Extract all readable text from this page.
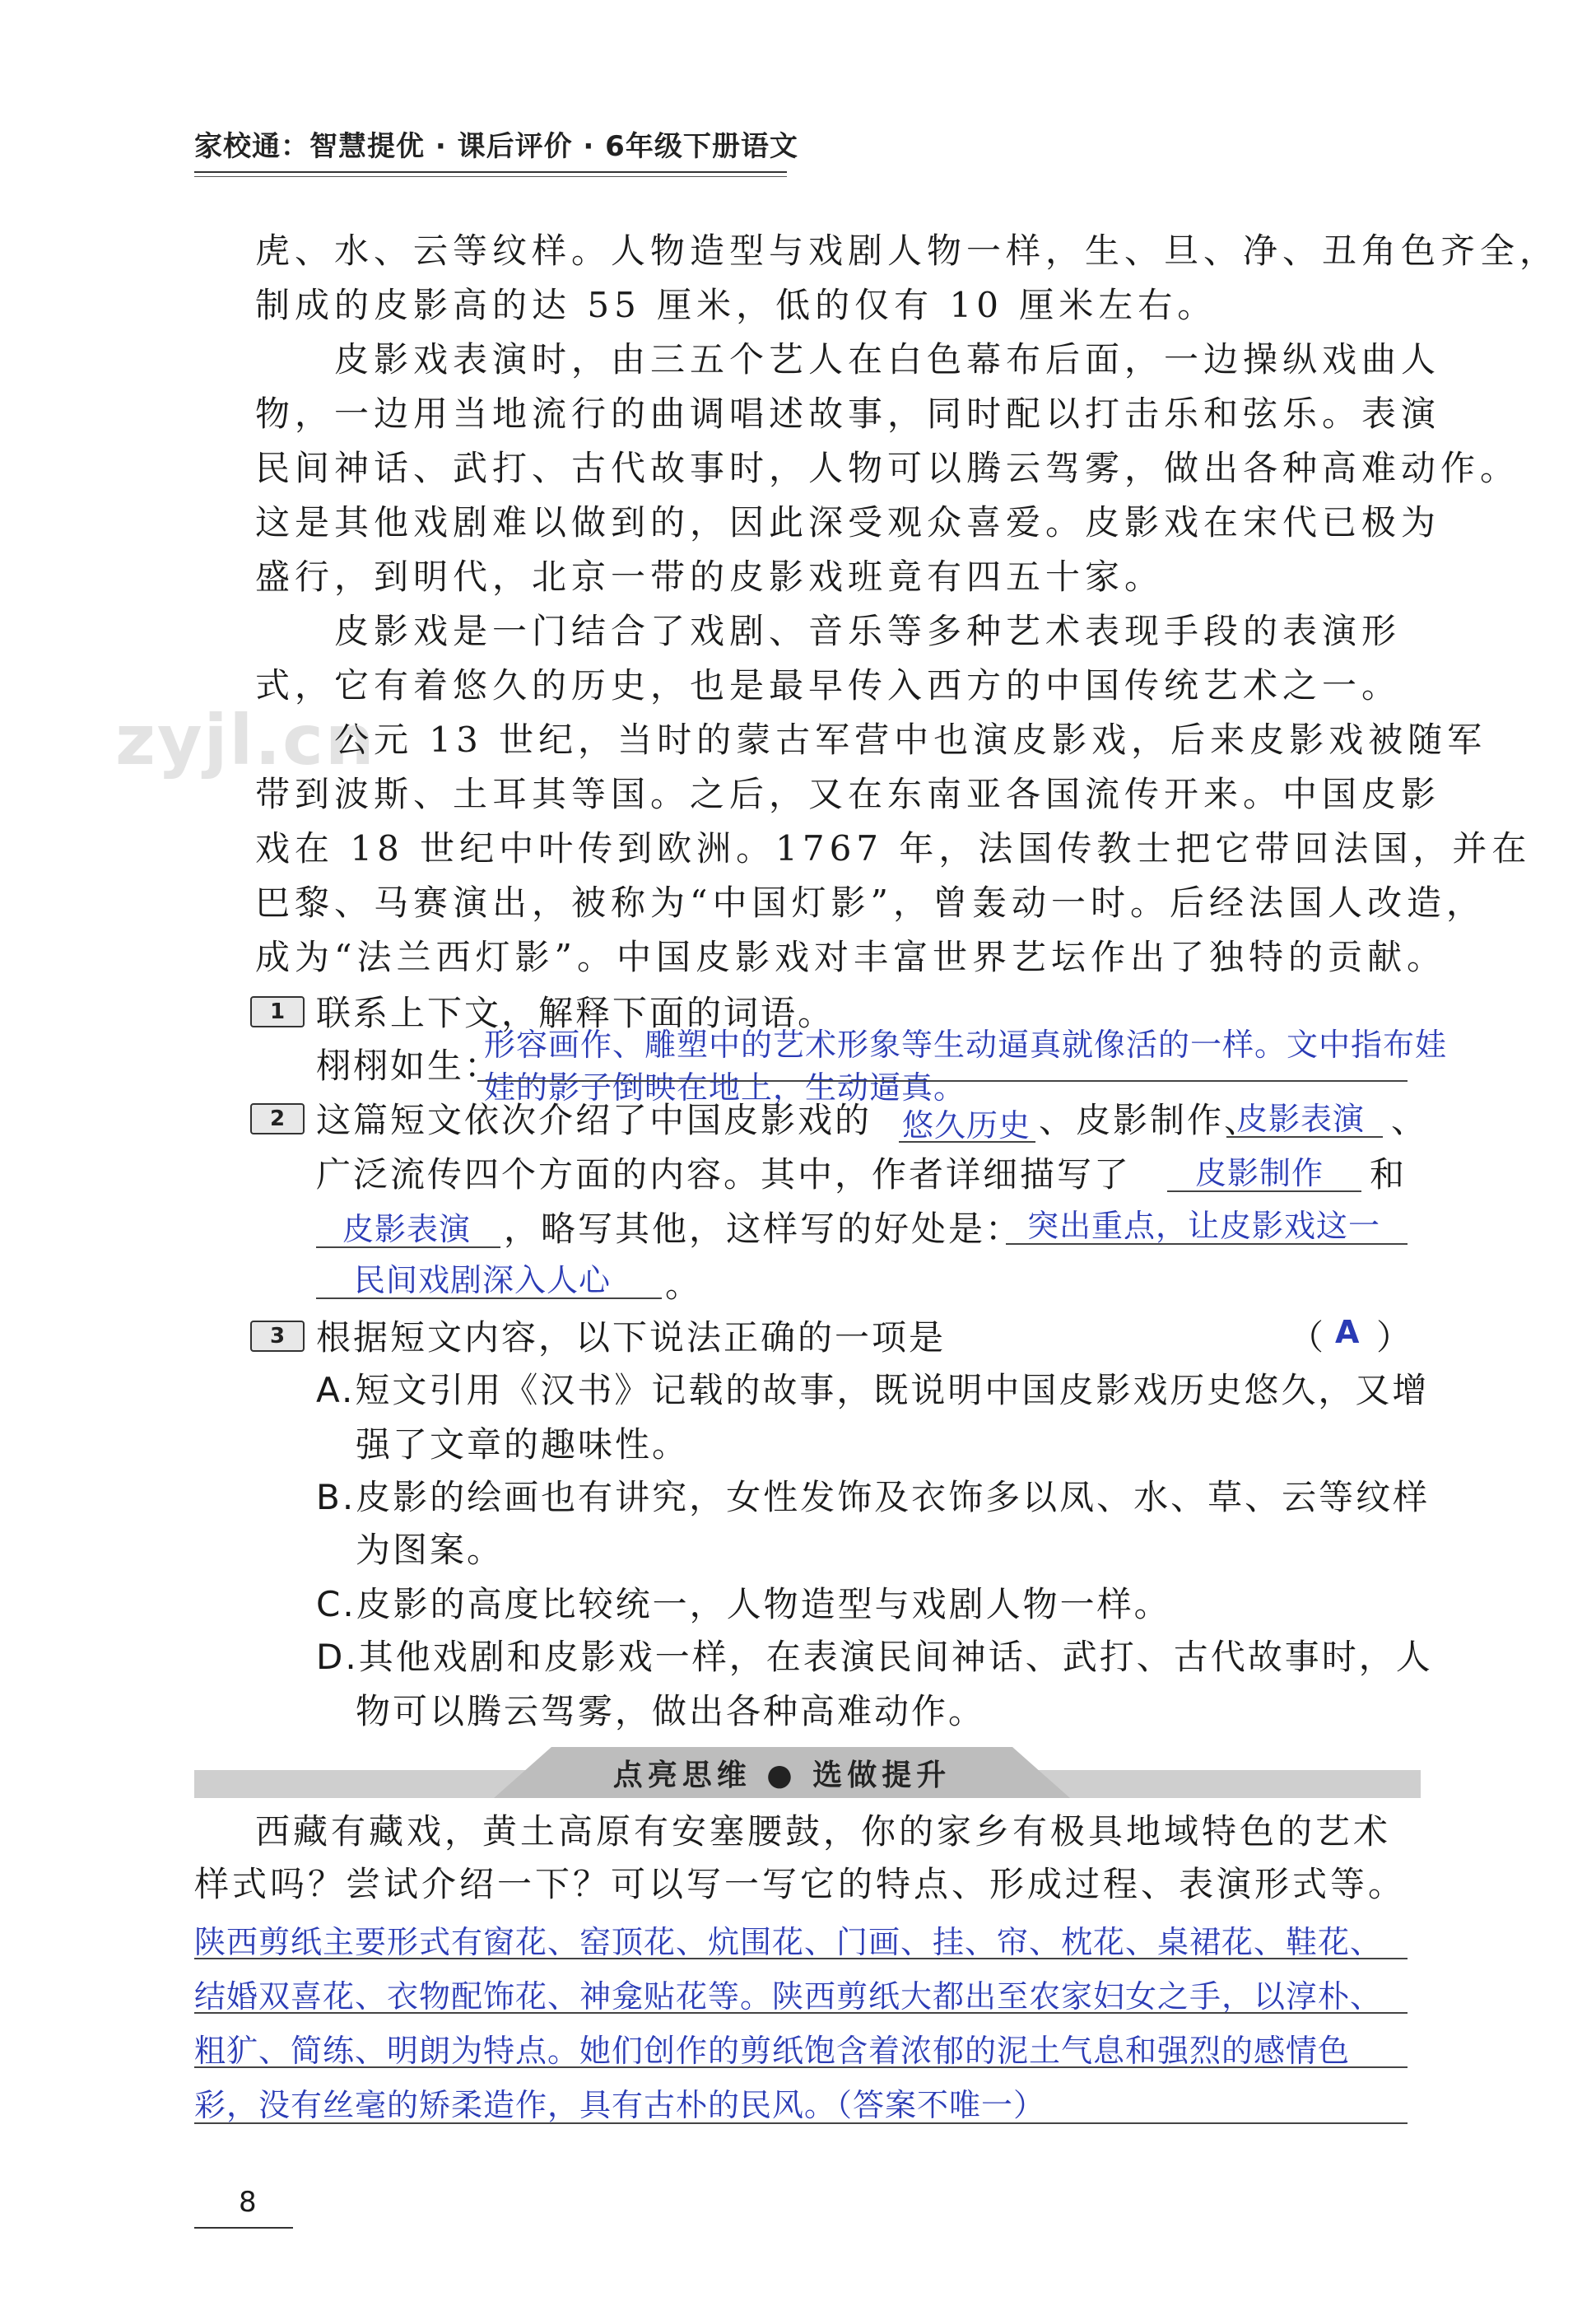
家校通：智慧提优 · 课后评价 · 6年级下册语文
zyjl.cn
虎、水、云等纹样。人物造型与戏剧人物一样，生、旦、净、丑角色齐全，
制成的皮影高的达 55 厘米，低的仅有 10 厘米左右。
　　皮影戏表演时，由三五个艺人在白色幕布后面，一边操纵戏曲人
物，一边用当地流行的曲调唱述故事，同时配以打击乐和弦乐。表演
民间神话、武打、古代故事时，人物可以腾云驾雾，做出各种高难动作。
这是其他戏剧难以做到的，因此深受观众喜爱。皮影戏在宋代已极为
盛行，到明代，北京一带的皮影戏班竟有四五十家。
　　皮影戏是一门结合了戏剧、音乐等多种艺术表现手段的表演形
式，它有着悠久的历史，也是最早传入西方的中国传统艺术之一。
　　公元 13 世纪，当时的蒙古军营中也演皮影戏，后来皮影戏被随军
带到波斯、土耳其等国。之后，又在东南亚各国流传开来。中国皮影
戏在 18 世纪中叶传到欧洲。1767 年，法国传教士把它带回法国，并在
巴黎、马赛演出，被称为“中国灯影”，曾轰动一时。后经法国人改造，
成为“法兰西灯影”。中国皮影戏对丰富世界艺坛作出了独特的贡献。
1 联系上下文，解释下面的词语。
栩栩如生：
形容画作、雕塑中的艺术形象等生动逼真就像活的一样。文中指布娃
娃的影子倒映在地上，生动逼真。
2 这篇短文依次介绍了中国皮影戏的 悠久历史 、皮影制作、
皮影表演 、
广泛流传四个方面的内容。其中，作者详细描写了 皮影制作 和
皮影表演 ，略写其他，这样写的好处是： 突出重点，让皮影戏这一
民间戏剧深入人心 。
3 根据短文内容，以下说法正确的一项是	（ A ）
A.短文引用《汉书》记载的故事，既说明中国皮影戏历史悠久，又增
强了文章的趣味性。
B.皮影的绘画也有讲究，女性发饰及衣饰多以凤、水、草、云等纹样
为图案。
C.皮影的高度比较统一，人物造型与戏剧人物一样。
D.其他戏剧和皮影戏一样，在表演民间神话、武打、古代故事时，人
物可以腾云驾雾，做出各种高难动作。
点亮思维 ● 选做提升
西藏有藏戏，黄土高原有安塞腰鼓，你的家乡有极具地域特色的艺术
样式吗？尝试介绍一下？可以写一写它的特点、形成过程、表演形式等。
陕西剪纸主要形式有窗花、窑顶花、炕围花、门画、挂、帘、枕花、桌裙花、鞋花、
结婚双喜花、衣物配饰花、神龛贴花等。陕西剪纸大都出至农家妇女之手，以淳朴、
粗犷、简练、明朗为特点。她们创作的剪纸饱含着浓郁的泥土气息和强烈的感情色
彩，没有丝毫的矫柔造作，具有古朴的民风。（答案不唯一）
8
